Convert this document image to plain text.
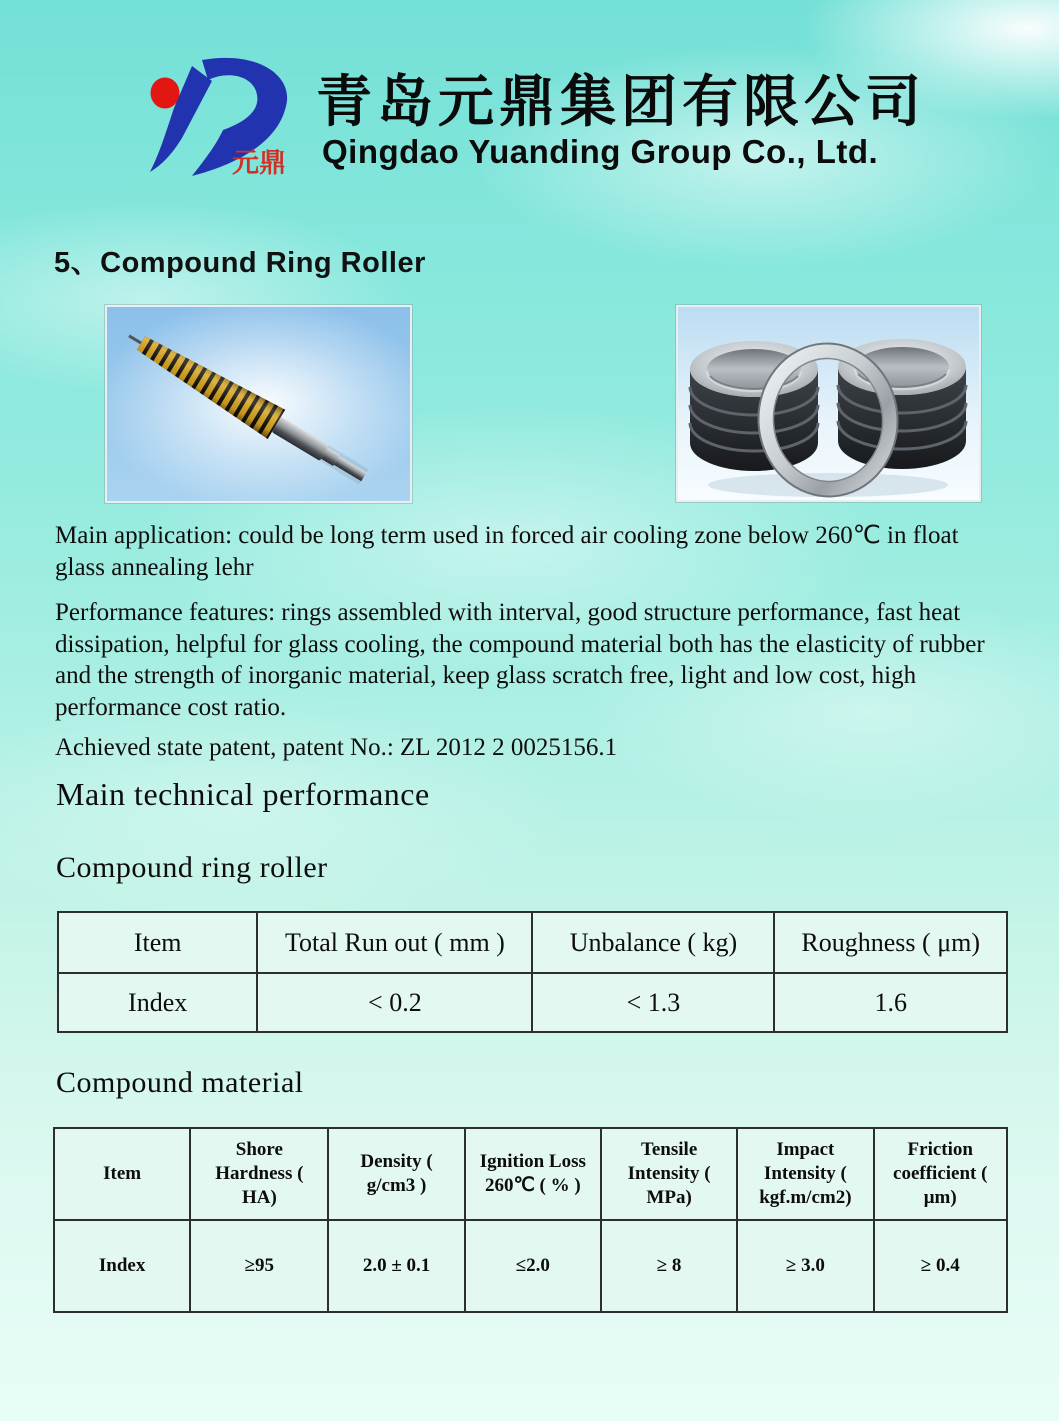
元鼎
青岛元鼎集团有限公司
Qingdao Yuanding Group Co., Ltd.
5、Compound Ring Roller
Main application: could be long term used in forced air cooling zone below 260℃ in float glass annealing lehr
Performance features: rings assembled with interval, good structure performance, fast heat dissipation, helpful for glass cooling, the compound material both has the elasticity of rubber and the strength of inorganic material, keep glass scratch free, light and low cost, high performance cost ratio.
Achieved state patent, patent No.: ZL 2012 2 0025156.1
Main technical performance
Compound ring roller
Item	Total Run out ( mm )	Unbalance ( kg)	Roughness ( μm)
Index	< 0.2	< 1.3	1.6
Compound material
Item	Shore Hardness ( HA)	Density ( g/cm3 )	Ignition Loss 260℃ ( % )	Tensile Intensity ( MPa)	Impact Intensity ( kgf.m/cm2)	Friction coefficient ( μm)
Index	≥95	2.0 ± 0.1	≤2.0	≥ 8	≥ 3.0	≥ 0.4
